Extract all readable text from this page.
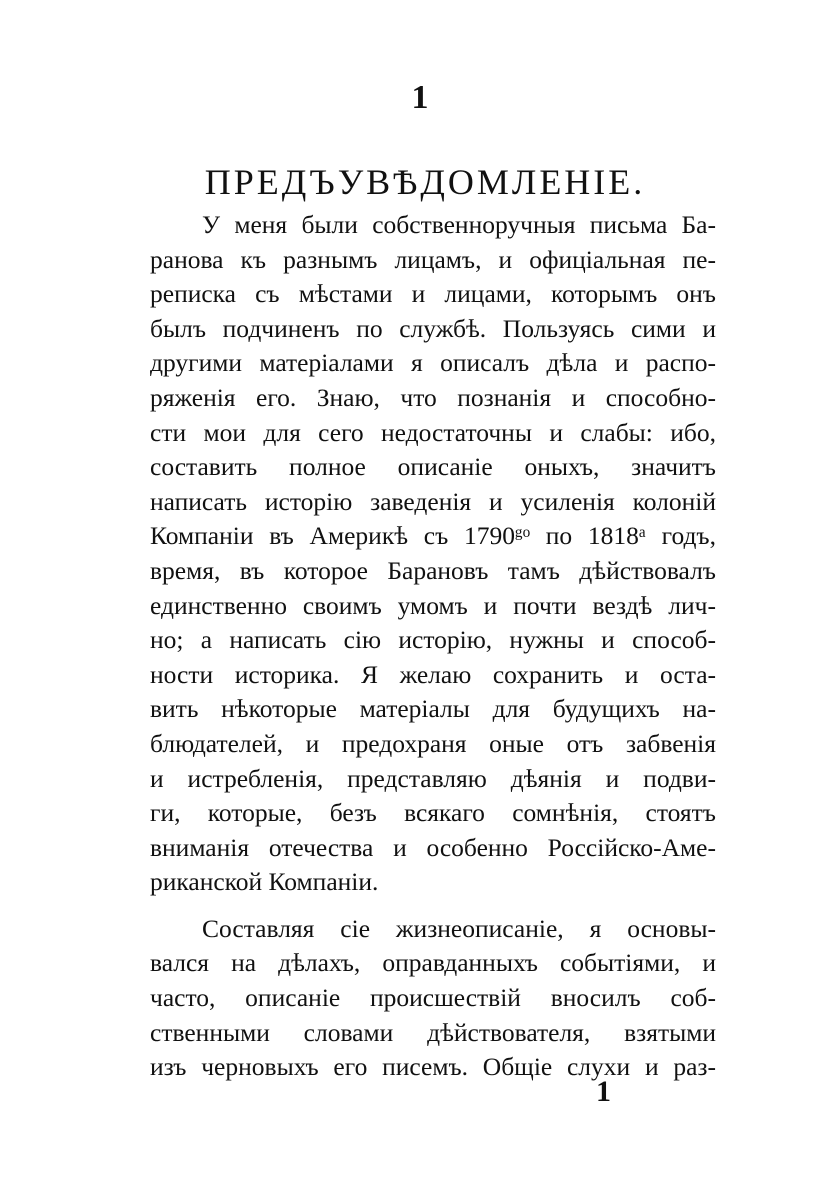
1
ПРЕДЪУВѢДОМЛЕНІЕ.
У меня были собственноручныя письма Ба-
ранова къ разнымъ лицамъ, и офиціальная пе-
реписка съ мѣстами и лицами, которымъ онъ
былъ подчиненъ по службѣ. Пользуясь сими и
другими матеріалами я описалъ дѣла и распо-
ряженія его. Знаю, что познанія и способно-
сти мои для сего недостаточны и слабы: ибо,
составить полное описаніе оныхъ, значитъ
написать исторію заведенія и усиленія колоній
Компаніи въ Америкѣ съ 1790ᵍᵒ по 1818ᵃ годъ,
время, въ которое Барановъ тамъ дѣйствовалъ
единственно своимъ умомъ и почти вездѣ лич-
но; а написать сію исторію, нужны и способ-
ности историка. Я желаю сохранить и оста-
вить нѣкоторые матеріалы для будущихъ на-
блюдателей, и предохраня оные отъ забвенія
и истребленія, представляю дѣянія и подви-
ги, которые, безъ всякаго сомнѣнія, стоятъ
вниманія отечества и особенно Россійско-Аме-
риканской Компаніи.
Составляя сіе жизнеописаніе, я основы-
вался на дѣлахъ, оправданныхъ событіями, и
часто, описаніе происшествій вносилъ соб-
ственными словами дѣйствователя, взятыми
изъ черновыхъ его писемъ. Общіе слухи и раз-
1
